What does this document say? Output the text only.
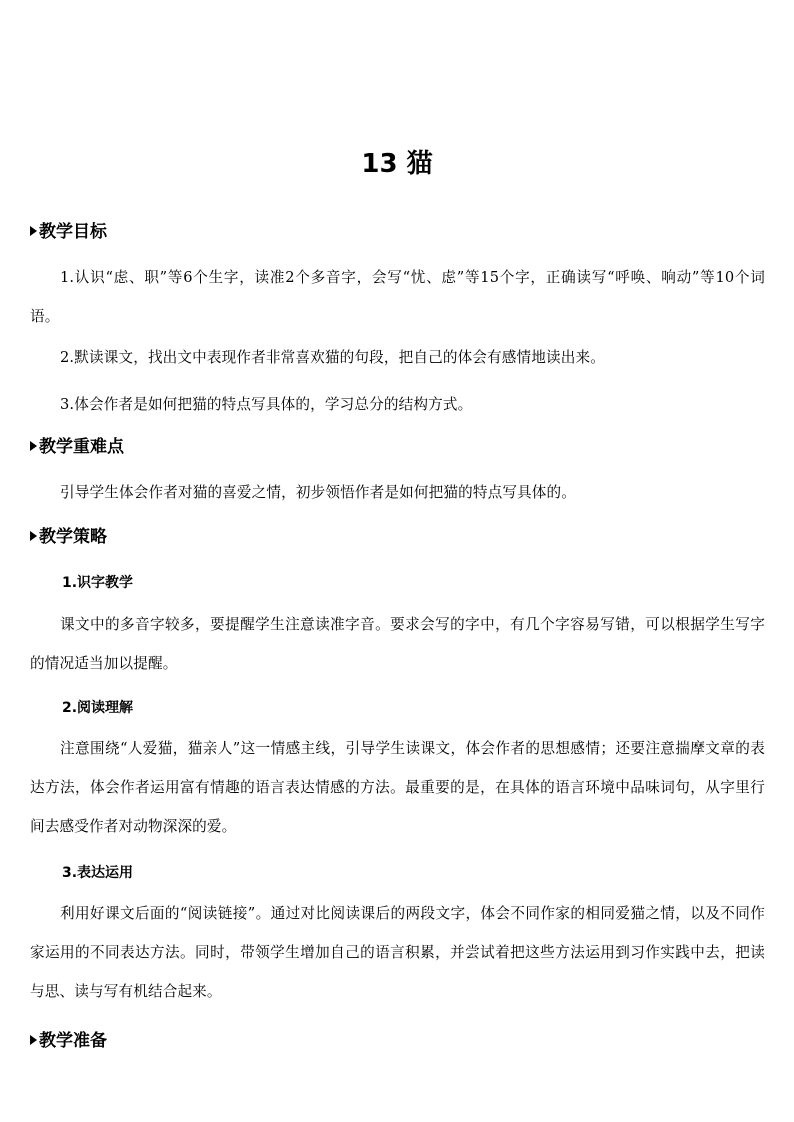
13 猫
教学目标
1.认识“虑、职”等6个生字，读准2个多音字，会写“忧、虑”等15个字，正确读写“呼唤、响动”等10个词语。
2.默读课文，找出文中表现作者非常喜欢猫的句段，把自己的体会有感情地读出来。
3.体会作者是如何把猫的特点写具体的，学习总分的结构方式。
教学重难点
引导学生体会作者对猫的喜爱之情，初步领悟作者是如何把猫的特点写具体的。
教学策略
1.识字教学
课文中的多音字较多，要提醒学生注意读准字音。要求会写的字中，有几个字容易写错，可以根据学生写字的情况适当加以提醒。
2.阅读理解
注意围绕“人爱猫，猫亲人”这一情感主线，引导学生读课文，体会作者的思想感情；还要注意揣摩文章的表达方法，体会作者运用富有情趣的语言表达情感的方法。最重要的是，在具体的语言环境中品味词句，从字里行间去感受作者对动物深深的爱。
3.表达运用
利用好课文后面的“阅读链接”。通过对比阅读课后的两段文字，体会不同作家的相同爱猫之情，以及不同作家运用的不同表达方法。同时，带领学生增加自己的语言积累，并尝试着把这些方法运用到习作实践中去，把读与思、读与写有机结合起来。
教学准备
